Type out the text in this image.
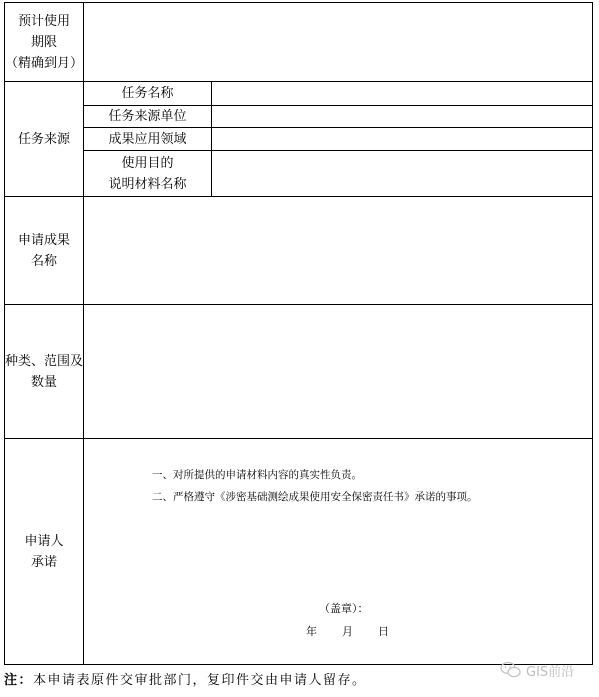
预计使用
期限
（精确到月）
任务来源
申请成果
名称
种类、范围及
数量
申请人
承诺
任务名称
任务来源单位
成果应用领域
使用目的
说明材料名称
一、对所提供的申请材料内容的真实性负责。
二、严格遵守《涉密基础测绘成果使用安全保密责任书》承诺的事项。
（盖章）：
年　　月　　日
注：本申请表原件交审批部门，复印件交由申请人留存。
GIS前沿
